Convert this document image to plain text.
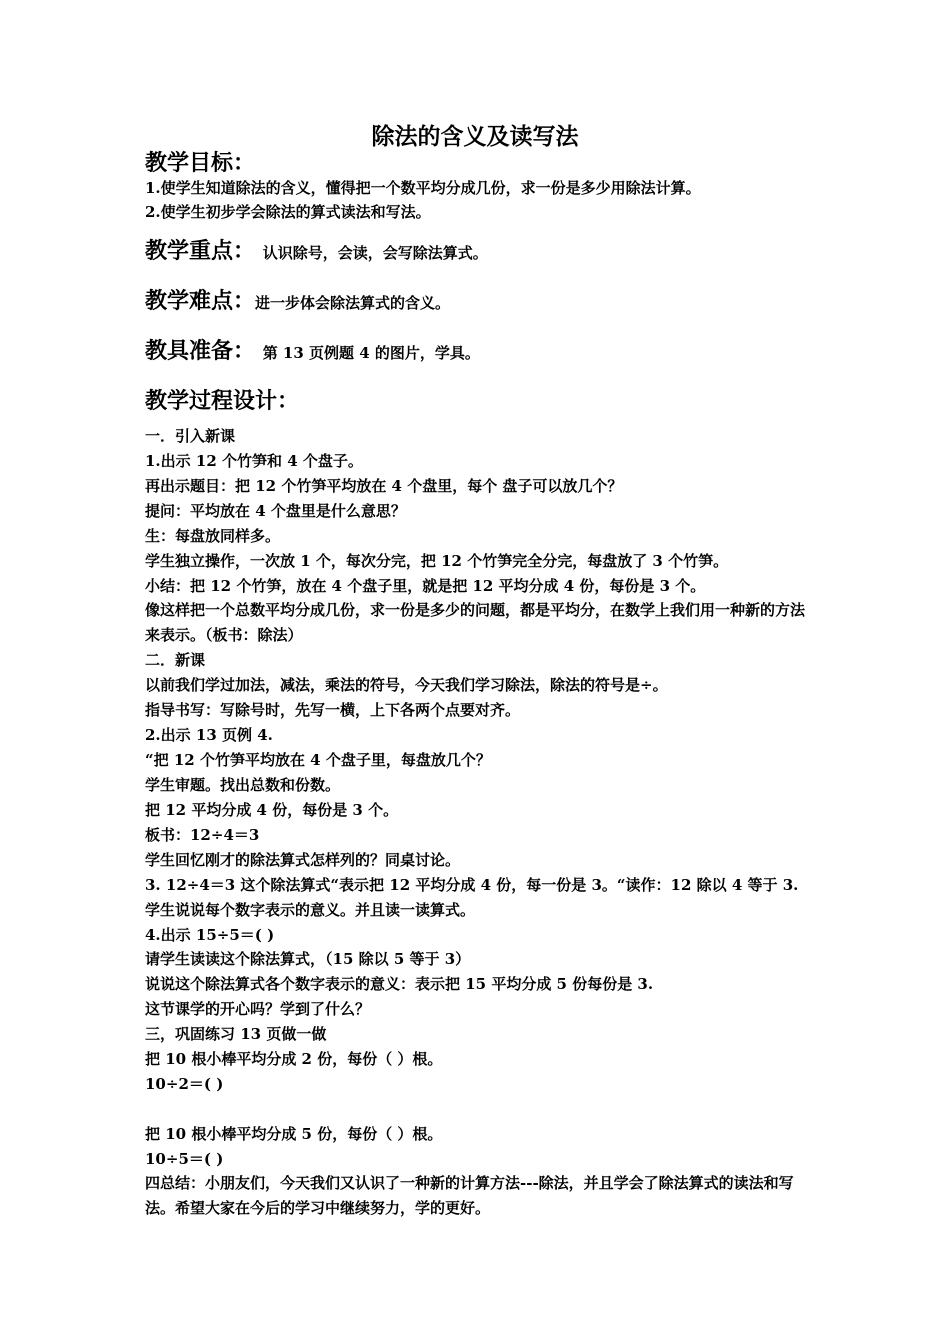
除法的含义及读写法
教学目标：
1.使学生知道除法的含义，懂得把一个数平均分成几份，求一份是多少用除法计算。
2.使学生初步学会除法的算式读法和写法。
教学重点： 认识除号，会读，会写除法算式。
教学难点：进一步体会除法算式的含义。
教具准备： 第 13 页例题 4 的图片，学具。
教学过程设计：
一．引入新课
1.出示 12 个竹笋和 4 个盘子。
再出示题目：把 12 个竹笋平均放在 4 个盘里，每个 盘子可以放几个？
提问：平均放在 4 个盘里是什么意思？
生：每盘放同样多。
学生独立操作，一次放 1 个，每次分完，把 12 个竹笋完全分完，每盘放了 3 个竹笋。
小结：把 12 个竹笋，放在 4 个盘子里，就是把 12 平均分成 4 份，每份是 3 个。
像这样把一个总数平均分成几份，求一份是多少的问题，都是平均分，在数学上我们用一种新的方法来表示。（板书：除法）
二．新课
以前我们学过加法，减法，乘法的符号，今天我们学习除法，除法的符号是÷。
指导书写：写除号时，先写一横，上下各两个点要对齐。
2.出示 13 页例 4.
“把 12 个竹笋平均放在 4 个盘子里，每盘放几个？
学生审题。找出总数和份数。
把 12 平均分成 4 份，每份是 3 个。
板书：12÷4＝3
学生回忆刚才的除法算式怎样列的？同桌讨论。
3. 12÷4＝3 这个除法算式“表示把 12 平均分成 4 份，每一份是 3。“读作：12 除以 4 等于 3.
学生说说每个数字表示的意义。并且读一读算式。
4.出示 15÷5＝( )
请学生读读这个除法算式，（15 除以 5 等于 3）
说说这个除法算式各个数字表示的意义：表示把 15 平均分成 5 份每份是 3.
这节课学的开心吗？学到了什么？
三，巩固练习 13 页做一做
把 10 根小棒平均分成 2 份，每份（ ）根。
10÷2＝( )
把 10 根小棒平均分成 5 份，每份（ ）根。
10÷5＝( )
四总结：小朋友们，今天我们又认识了一种新的计算方法---除法，并且学会了除法算式的读法和写法。希望大家在今后的学习中继续努力，学的更好。
